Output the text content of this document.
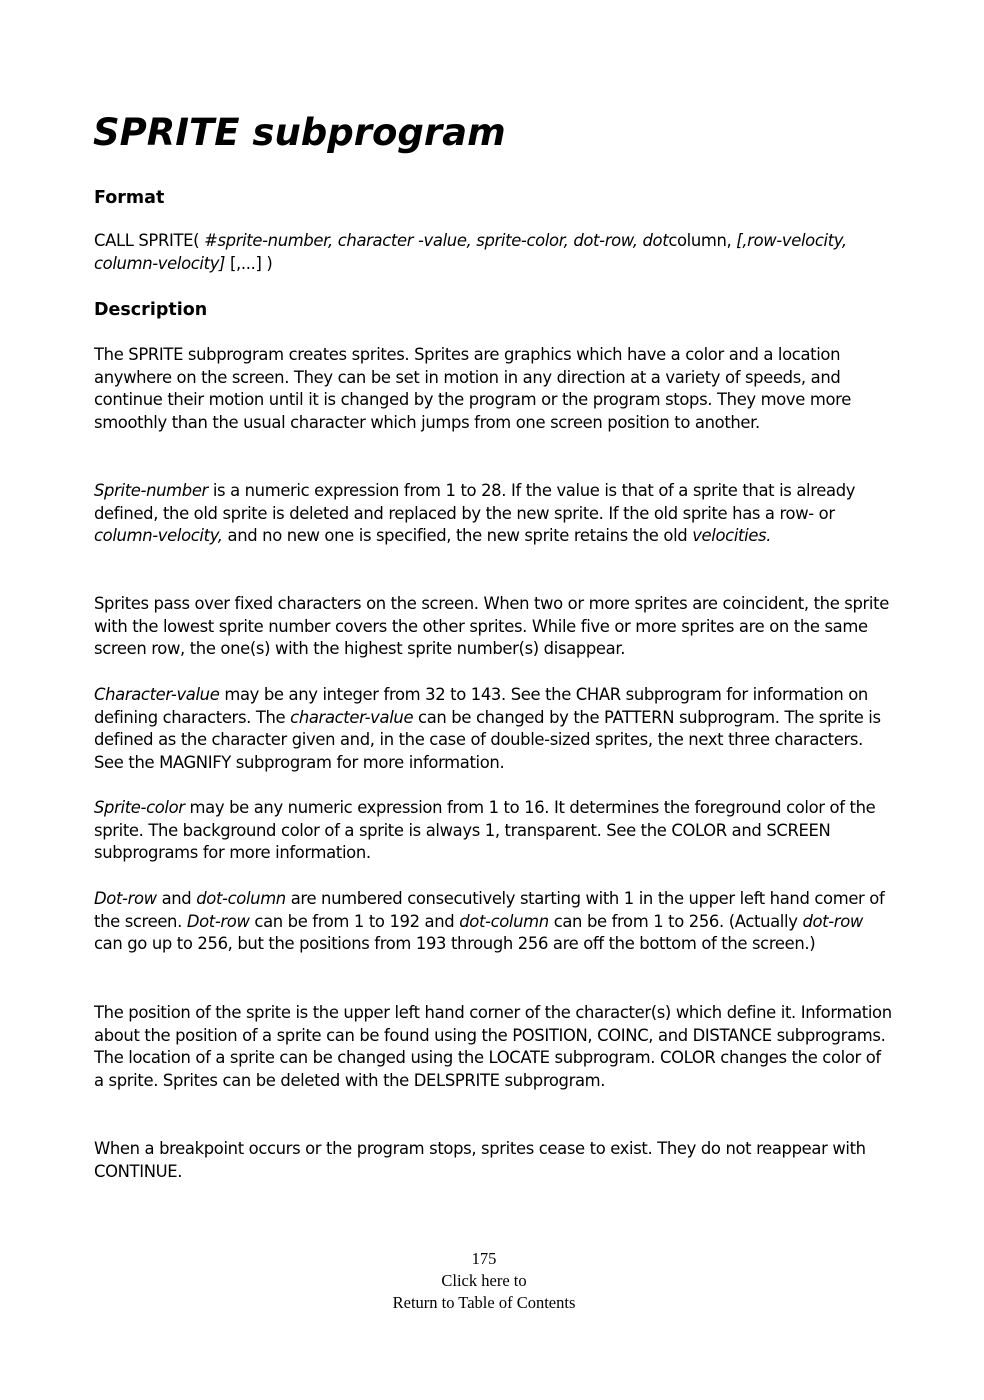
SPRITE subprogram
Format

CALL SPRITE( #sprite-number, character -value, sprite-color, dot-row, dotcolumn, [,row-velocity, column-velocity] [,...] )

Description

The SPRITE subprogram creates sprites. Sprites are graphics which have a color and a location anywhere on the screen. They can be set in motion in any direction at a variety of speeds, and continue their motion until it is changed by the program or the program stops. They move more smoothly than the usual character which jumps from one screen position to another.

Sprite-number is a numeric expression from 1 to 28. If the value is that of a sprite that is already defined, the old sprite is deleted and replaced by the new sprite. If the old sprite has a row- or column-velocity, and no new one is specified, the new sprite retains the old velocities.

Sprites pass over fixed characters on the screen. When two or more sprites are coincident, the sprite with the lowest sprite number covers the other sprites. While five or more sprites are on the same screen row, the one(s) with the highest sprite number(s) disappear.

Character-value may be any integer from 32 to 143. See the CHAR subprogram for information on defining characters. The character-value can be changed by the PATTERN subprogram. The sprite is defined as the character given and, in the case of double-sized sprites, the next three characters. See the MAGNIFY subprogram for more information.

Sprite-color may be any numeric expression from 1 to 16. It determines the foreground color of the sprite. The background color of a sprite is always 1, transparent. See the COLOR and SCREEN subprograms for more information.

Dot-row and dot-column are numbered consecutively starting with 1 in the upper left hand comer of the screen. Dot-row can be from 1 to 192 and dot-column can be from 1 to 256. (Actually dot-row can go up to 256, but the positions from 193 through 256 are off the bottom of the screen.)

The position of the sprite is the upper left hand corner of the character(s) which define it. Information about the position of a sprite can be found using the POSITION, COINC, and DISTANCE subprograms. The location of a sprite can be changed using the LOCATE subprogram. COLOR changes the color of a sprite. Sprites can be deleted with the DELSPRITE subprogram.

When a breakpoint occurs or the program stops, sprites cease to exist. They do not reappear with CONTINUE.

175
Click here to
Return to Table of Contents
